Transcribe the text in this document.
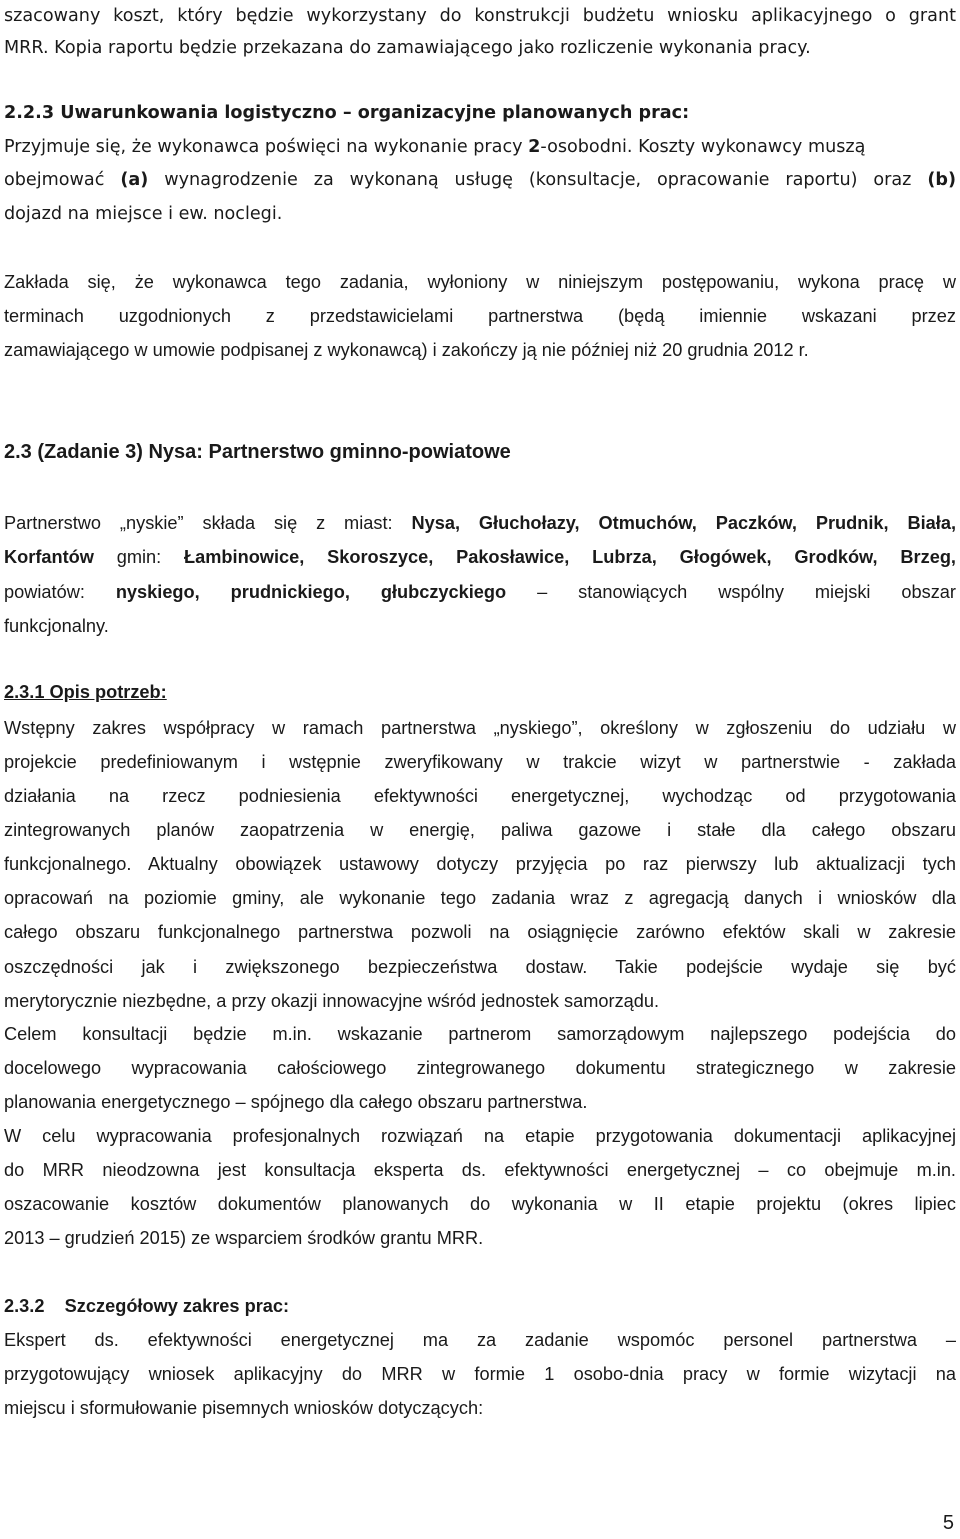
szacowany koszt, który będzie wykorzystany do konstrukcji budżetu wniosku aplikacyjnego o grant
MRR. Kopia raportu będzie przekazana do zamawiającego jako rozliczenie wykonania pracy.
2.2.3 Uwarunkowania logistyczno – organizacyjne planowanych prac:
Przyjmuje się, że wykonawca poświęci na wykonanie pracy 2-osobodni. Koszty wykonawcy muszą
obejmować (a) wynagrodzenie za wykonaną usługę (konsultacje, opracowanie raportu) oraz (b)
dojazd na miejsce i ew. noclegi.
Zakłada się, że wykonawca tego zadania, wyłoniony w niniejszym postępowaniu, wykona pracę w
terminach uzgodnionych z przedstawicielami partnerstwa (będą imiennie wskazani przez
zamawiającego w umowie podpisanej z wykonawcą) i zakończy ją nie później niż 20 grudnia 2012 r.
2.3 (Zadanie 3) Nysa: Partnerstwo gminno-powiatowe
Partnerstwo „nyskie” składa się z miast: Nysa, Głuchołazy, Otmuchów, Paczków, Prudnik, Biała,
Korfantów gmin: Łambinowice, Skoroszyce, Pakosławice, Lubrza, Głogówek, Grodków, Brzeg,
powiatów: nyskiego, prudnickiego, głubczyckiego – stanowiących wspólny miejski obszar
funkcjonalny.
2.3.1 Opis potrzeb:
Wstępny zakres współpracy w ramach partnerstwa „nyskiego”, określony w zgłoszeniu do udziału w
projekcie predefiniowanym i wstępnie zweryfikowany w trakcie wizyt w partnerstwie - zakłada
działania na rzecz podniesienia efektywności energetycznej, wychodząc od przygotowania
zintegrowanych planów zaopatrzenia w energię, paliwa gazowe i stałe dla całego obszaru
funkcjonalnego. Aktualny obowiązek ustawowy dotyczy przyjęcia po raz pierwszy lub aktualizacji tych
opracowań na poziomie gminy, ale wykonanie tego zadania wraz z agregacją danych i wniosków dla
całego obszaru funkcjonalnego partnerstwa pozwoli na osiągnięcie zarówno efektów skali w zakresie
oszczędności jak i zwiększonego bezpieczeństwa dostaw. Takie podejście wydaje się być
merytorycznie niezbędne, a przy okazji innowacyjne wśród jednostek samorządu.
Celem konsultacji będzie m.in. wskazanie partnerom samorządowym najlepszego podejścia do
docelowego wypracowania całościowego zintegrowanego dokumentu strategicznego w zakresie
planowania energetycznego – spójnego dla całego obszaru partnerstwa.
W celu wypracowania profesjonalnych rozwiązań na etapie przygotowania dokumentacji aplikacyjnej
do MRR nieodzowna jest konsultacja eksperta ds. efektywności energetycznej – co obejmuje m.in.
oszacowanie kosztów dokumentów planowanych do wykonania w II etapie projektu (okres lipiec
2013 – grudzień 2015) ze wsparciem środków grantu MRR.
2.3.2    Szczegółowy zakres prac:
Ekspert ds. efektywności energetycznej ma za zadanie wspomóc personel partnerstwa –
przygotowujący wniosek aplikacyjny do MRR w formie 1 osobo-dnia pracy w formie wizytacji na
miejscu i sformułowanie pisemnych wniosków dotyczących:
5
